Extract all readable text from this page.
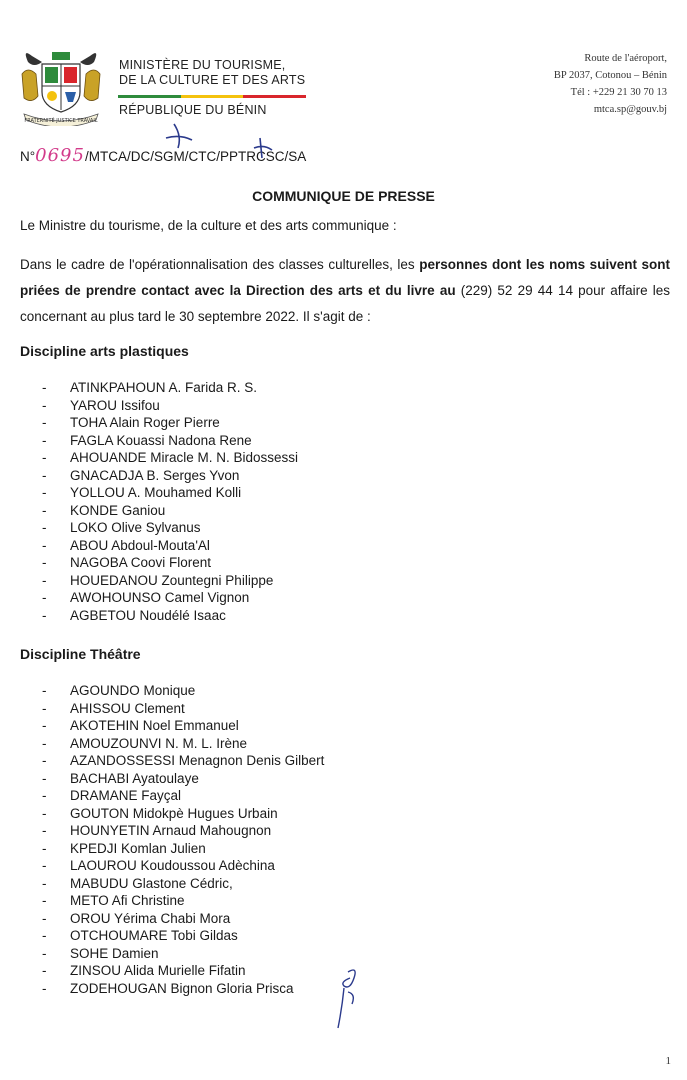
FRATERNITÉ JUSTICE TRAVAIL
MINISTÈRE DU TOURISME,
DE LA CULTURE ET DES ARTS
RÉPUBLIQUE DU BÉNIN
Route de l'aéroport,
BP 2037, Cotonou – Bénin
Tél : +229 21 30 70 13
mtca.sp@gouv.bj
N°0695/MTCA/DC/SGM/CTC/PPTRCSC/SA
COMMUNIQUE DE PRESSE
Le Ministre du tourisme, de la culture et des arts communique :
Dans le cadre de l'opérationnalisation des classes culturelles, les personnes dont les noms suivent sont priées de prendre contact avec la Direction des arts et du livre au (229) 52 29 44 14 pour affaire les concernant au plus tard le 30 septembre 2022. Il s'agit de :
Discipline arts plastiques
- ATINKPAHOUN A. Farida R. S.
- YAROU Issifou
- TOHA Alain Roger Pierre
- FAGLA Kouassi Nadona Rene
- AHOUANDE Miracle M. N. Bidossessi
- GNACADJA B. Serges Yvon
- YOLLOU A. Mouhamed Kolli
- KONDE Ganiou
- LOKO Olive Sylvanus
- ABOU Abdoul-Mouta'Al
- NAGOBA Coovi Florent
- HOUEDANOU Zountegni Philippe
- AWOHOUNSO Camel Vignon
- AGBETOU Noudélé Isaac
Discipline Théâtre
- AGOUNDO Monique
- AHISSOU Clement
- AKOTEHIN Noel Emmanuel
- AMOUZOUNVI N. M. L. Irène
- AZANDOSSESSI Menagnon Denis Gilbert
- BACHABI Ayatoulaye
- DRAMANE Fayçal
- GOUTON Midokpè Hugues Urbain
- HOUNYETIN Arnaud Mahougnon
- KPEDJI Komlan Julien
- LAOUROU Koudoussou Adèchina
- MABUDU Glastone Cédric,
- METO Afi Christine
- OROU Yérima Chabi Mora
- OTCHOUMARE Tobi Gildas
- SOHE Damien
- ZINSOU Alida Murielle Fifatin
- ZODEHOUGAN Bignon Gloria Prisca
1
